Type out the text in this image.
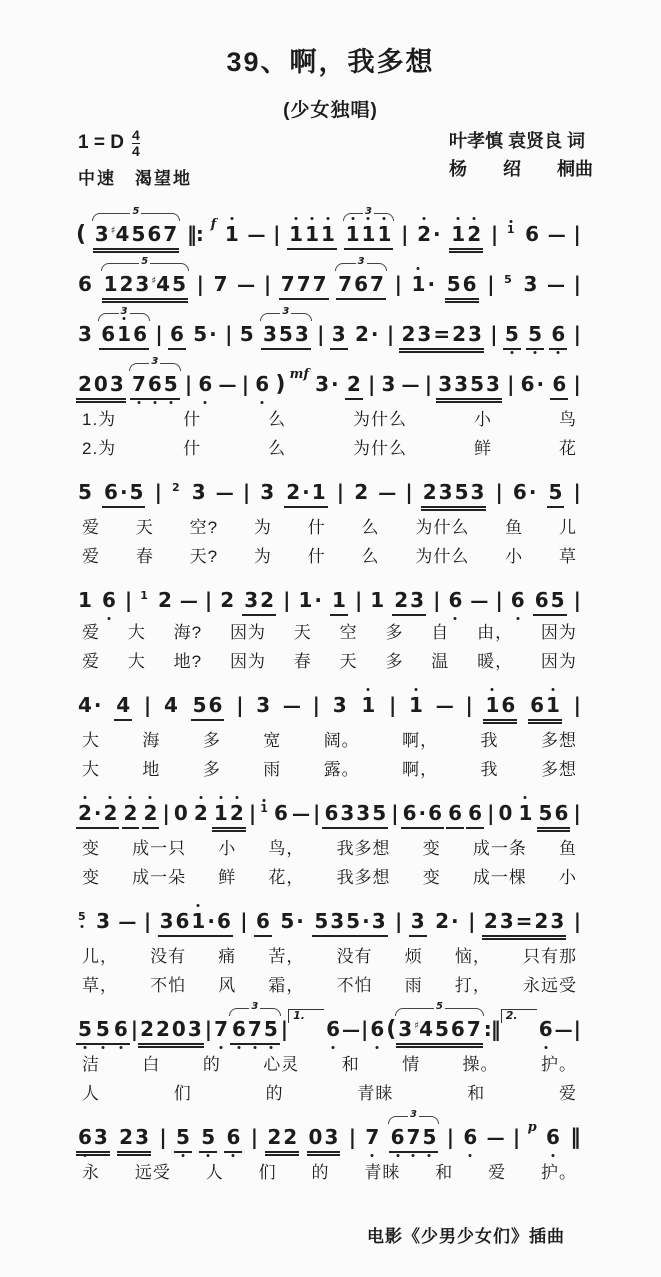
39、啊，我多想
(少女独唱)
1 = D $\frac{4}{4}$
中速　渴望地
叶孝慎 袁贤良 词
杨　　绍　　桐曲
( 3 ♯4 5 6 7
5
‖: f 1 — | 1 1 1 1 1 1
3
| 2 · 1 2 | 1 6 — |
6 1 2 3 ♯4 5
5
| 7 — | 7 7 7 7 6 7
3
| 1 · 5 6 | 5 3 — |
3 6 1 6
3
| 6 5 · | 5 3 5 3
3
| 3 2 · | 2 3 = 2 3 | 5 5 6 |
2 0 3 7 6 5
3
| 6 — | 6 ) mf 3 · 2 | 3 — | 3 3 5 3 | 6 · 6 |
1.为	什	么	为什么	小	鸟
2.为	什	么	为什么	鲜	花
5 6 · 5 | 2 3 — | 3 2 · 1 | 2 — | 2 3 5 3 | 6 · 5 |
爱 天 空? 为 什 么 为什么 鱼 儿
爱 春 天? 为 什 么 为什么 小 草
1 6 | 1 2 — | 2 3 2 | 1 · 1 | 1 2 3 | 6 — | 6 6 5 |
爱 大 海? 因为 天 空 多 自 由， 因为
爱 大 地? 因为 春 天 多 温 暖， 因为
4 · 4 | 4 5 6 | 3 — | 3 1 | 1 — | 1 6 6 1 |
大 海 多 宽 阔。 啊， 我 多想
大 地 多 雨 露。 啊， 我 多想
2 · 2 2 2 | 0 2 1 2 | 1 6 — | 6 3 3 5 | 6 · 6 6 6 | 0 1 5 6 |
变 成一只 小 鸟， 我多想 变 成一条 鱼
变 成一朵 鲜 花， 我多想 变 成一棵 小
5 3 — | 3 6 1 · 6 | 6 5 · 5 3 5 · 3 | 3 2 · | 2 3 = 2 3 |
儿， 没有 痛 苦， 没有 烦 恼， 只有那
草， 不怕 风 霜， 不怕 雨 打， 永远受
5 5 6 | 2 2 0 3 | 7 6 7 5
3
|
1.
6 — | 6 ( 3 ♯4 5 6 7
5
:‖
2.
6 — |
洁 白 的 心灵 和 情 操。 护。
人	们	的	青睐	和	爱
6 3 2 3 | 5 5 6 | 2 2 0 3 | 7 6 7 5
3
| 6 — | p 6 ‖
永 远受 人 们 的 青睐 和 爱 护。
电影《少男少女们》插曲
